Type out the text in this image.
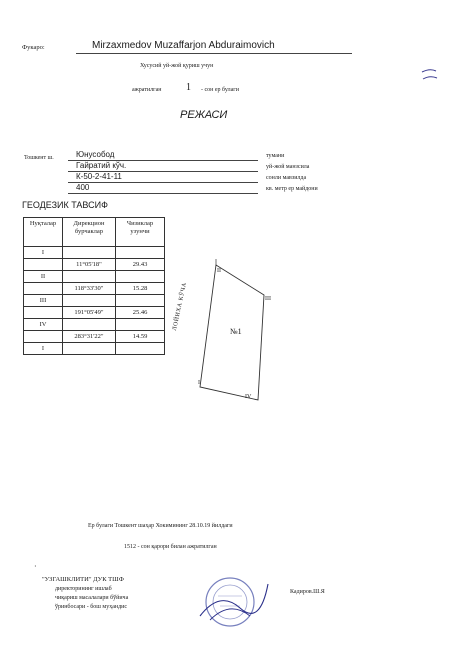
Фукаро:	Mirzaxmedov Muzaffarjon Abduraimovich
Хусусий уй-жой қуриш учун
ажратилган 1 - сон ер булаги
РЕЖАСИ
Тошкент ш.	Юнусобод	тумани
Гайратий кўч.	уй-жой манзсила
К-50-2-41-11	сонли мавзилда
400	кв. метр ер майдони
ГЕОДЕЗИК ТАВСИФ
Нуқталар	Дирекцион бурчаклар	Чизиклар узунчи
I		
	11°05'18"	29.43
II		
	118°33'30"	15.28
III		
	191°05'49"	25.46
IV		
	283°31'22"	14.59
I		
II
III
IV
I
№1
ЛОЙИХА КЎЧА
Ер булаги Тошкент шаҳар Хокимининг 28.10.19 йилдаги
1512 - сон қарори билан ажратилган
·
"УЗГАШКЛИТИ" ДУК ТШФ
директорининг ишлаб
чиқариш масалалари бўйича
ўринбосари - бош муҳандис
Кадиров.Ш.Я
